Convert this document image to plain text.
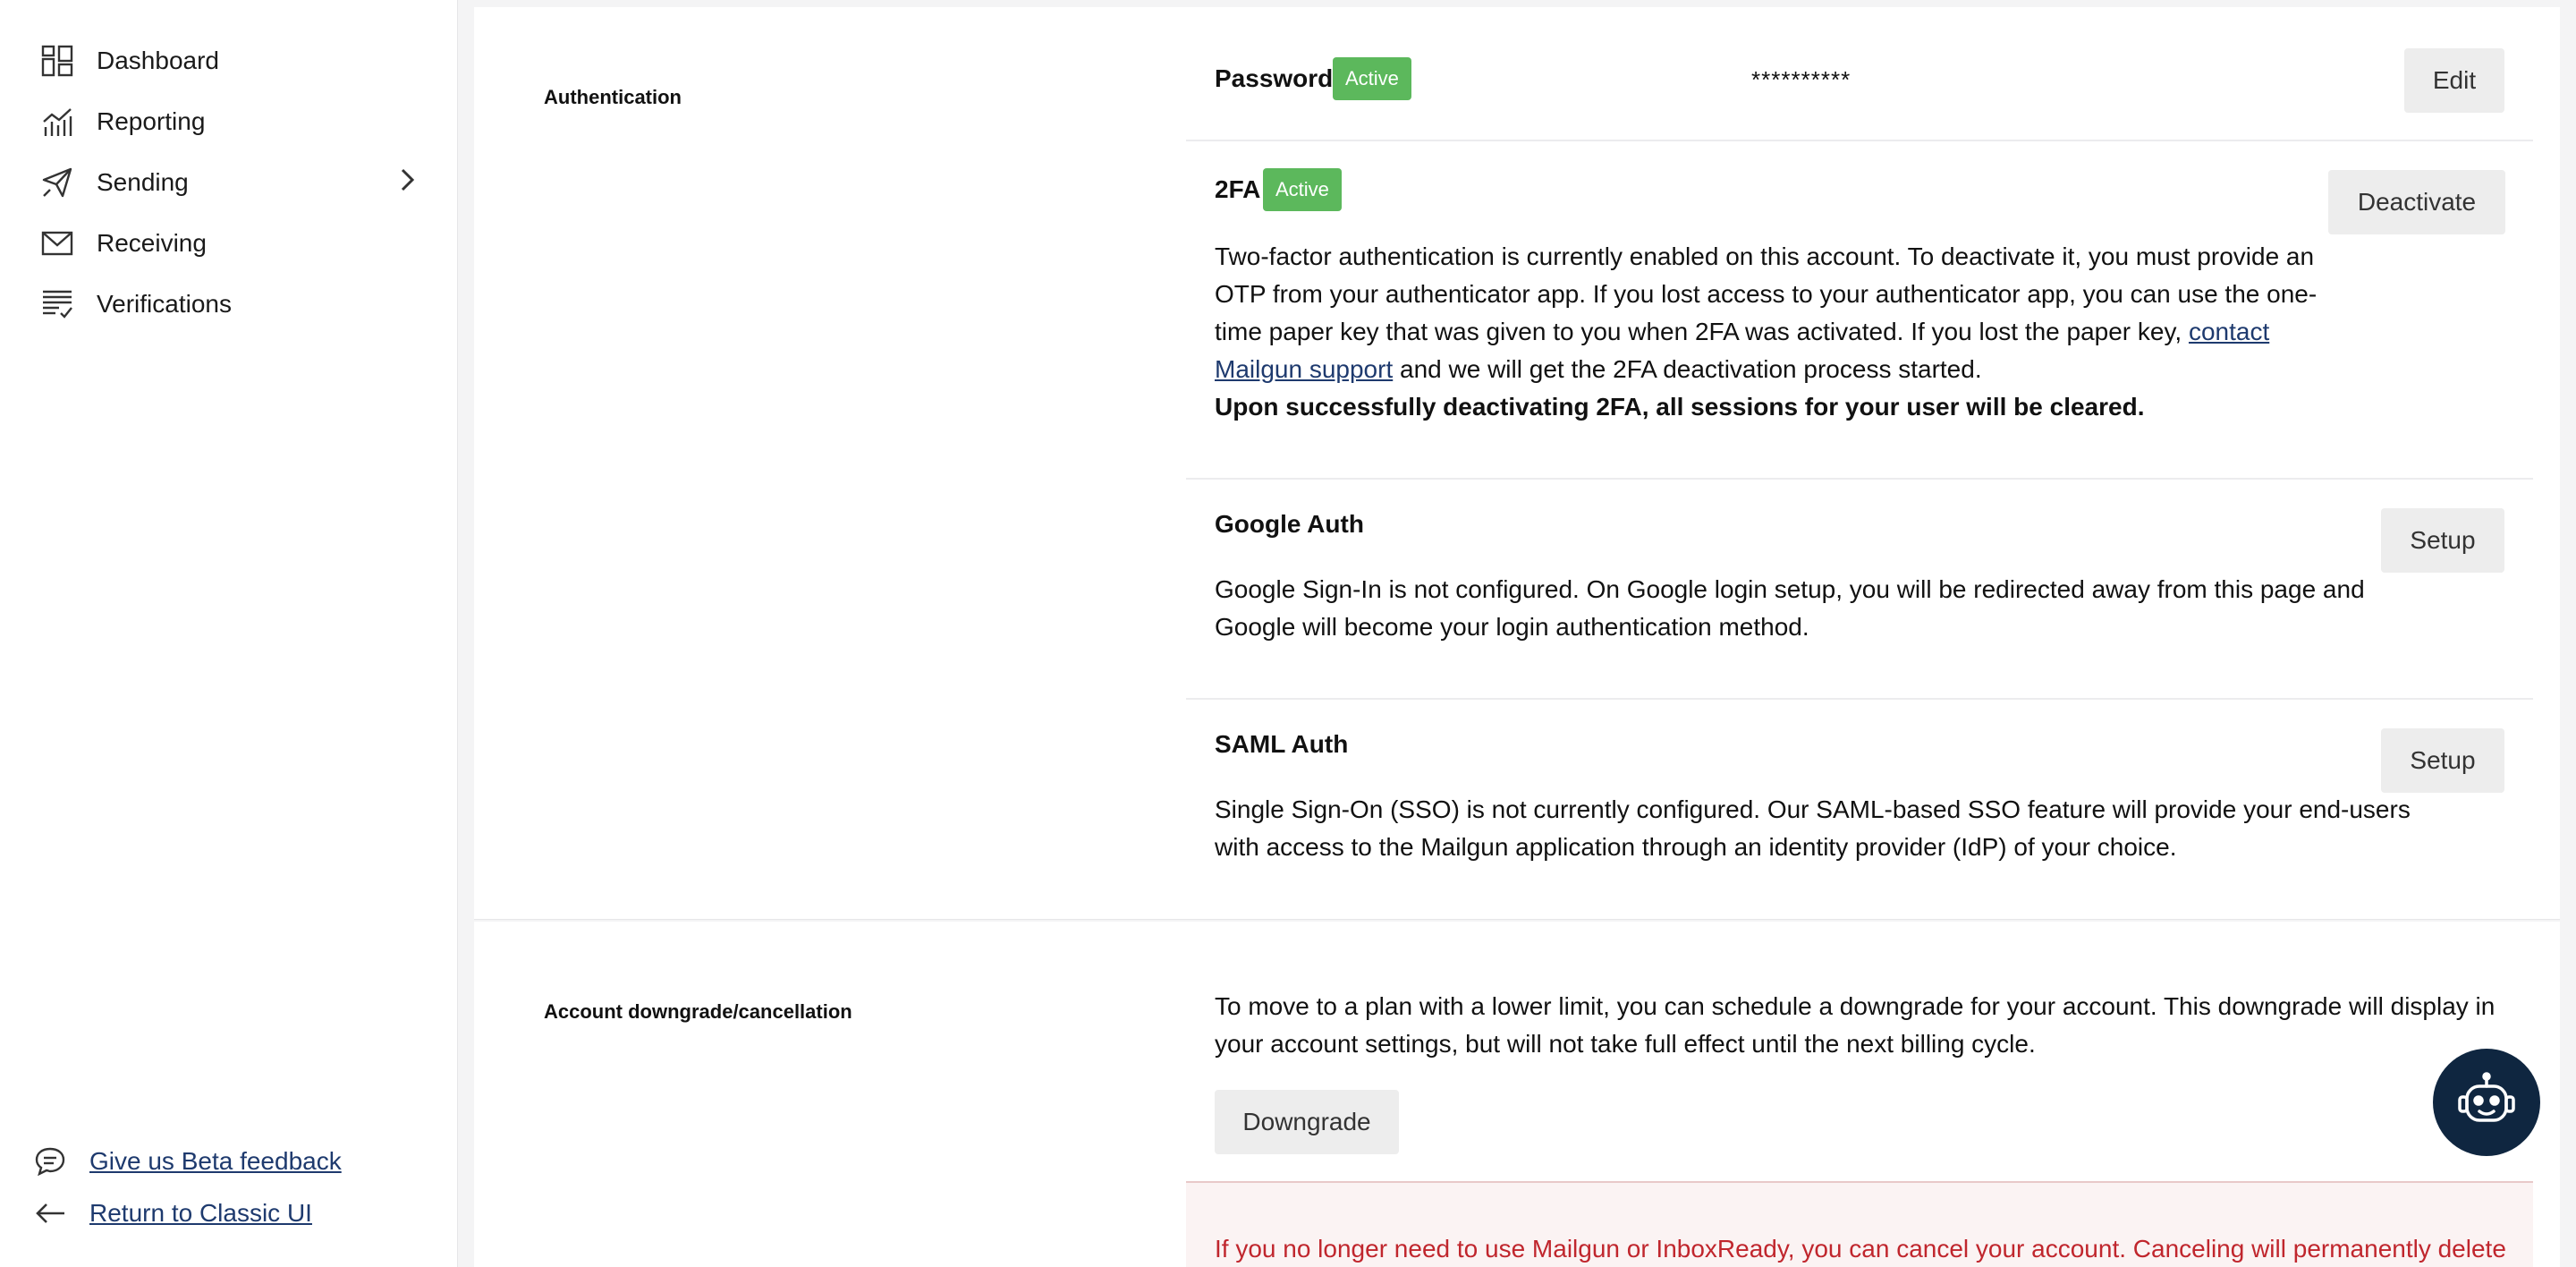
Dashboard
Reporting
Sending
Receiving
Verifications
Give us Beta feedback
Return to Classic UI
Authentication
Password Active	**********	Edit
2FA Active	Deactivate
Two-factor authentication is currently enabled on this account. To deactivate it, you must provide an OTP from your authenticator app. If you lost access to your authenticator app, you can use the one-time paper key that was given to you when 2FA was activated. If you lost the paper key, contact Mailgun support and we will get the 2FA deactivation process started.
Upon successfully deactivating 2FA, all sessions for your user will be cleared.
Google Auth
Setup
Google Sign-In is not configured. On Google login setup, you will be redirected away from this page and Google will become your login authentication method.
SAML Auth
Setup
Single Sign-On (SSO) is not currently configured. Our SAML-based SSO feature will provide your end-users with access to the Mailgun application through an identity provider (IdP) of your choice.
Account downgrade/cancellation	To move to a plan with a lower limit, you can schedule a downgrade for your account. This downgrade will display in your account settings, but will not take full effect until the next billing cycle.
Downgrade
If you no longer need to use Mailgun or InboxReady, you can cancel your account. Canceling will permanently delete
